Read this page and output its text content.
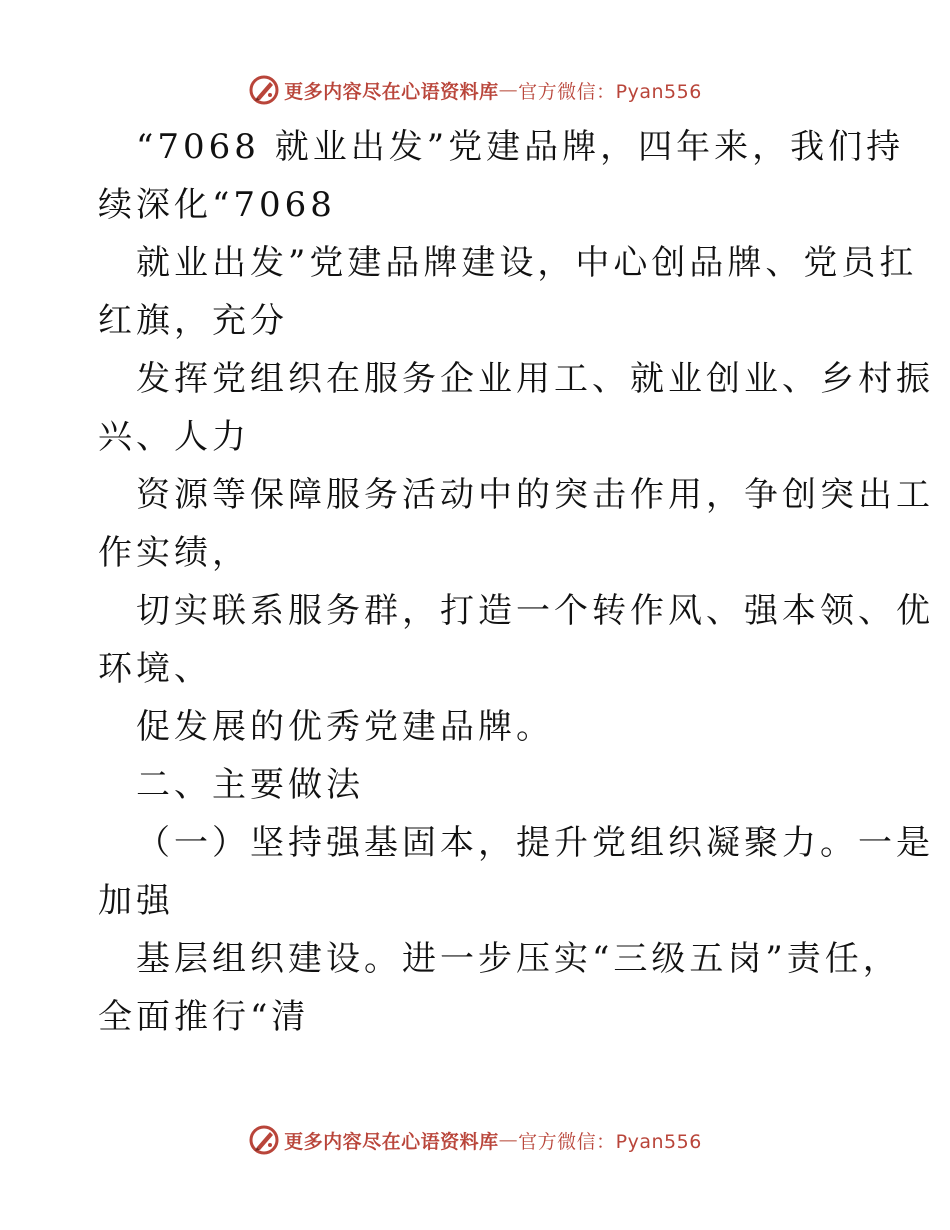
更多内容尽在心语资料库 — 官方微信：Pyan556

“7068 就业出发”党建品牌，四年来，我们持

续深化“7068

就业出发”党建品牌建设，中心创品牌、党员扛

红旗，充分

发挥党组织在服务企业用工、就业创业、乡村振

兴、人力

资源等保障服务活动中的突击作用，争创突出工

作实绩，

切实联系服务群，打造一个转作风、强本领、优

环境、

促发展的优秀党建品牌。

二、主要做法

（一）坚持强基固本，提升党组织凝聚力。一是

加强

基层组织建设。进一步压实“三级五岗”责任，

全面推行“清

更多内容尽在心语资料库 — 官方微信：Pyan556
